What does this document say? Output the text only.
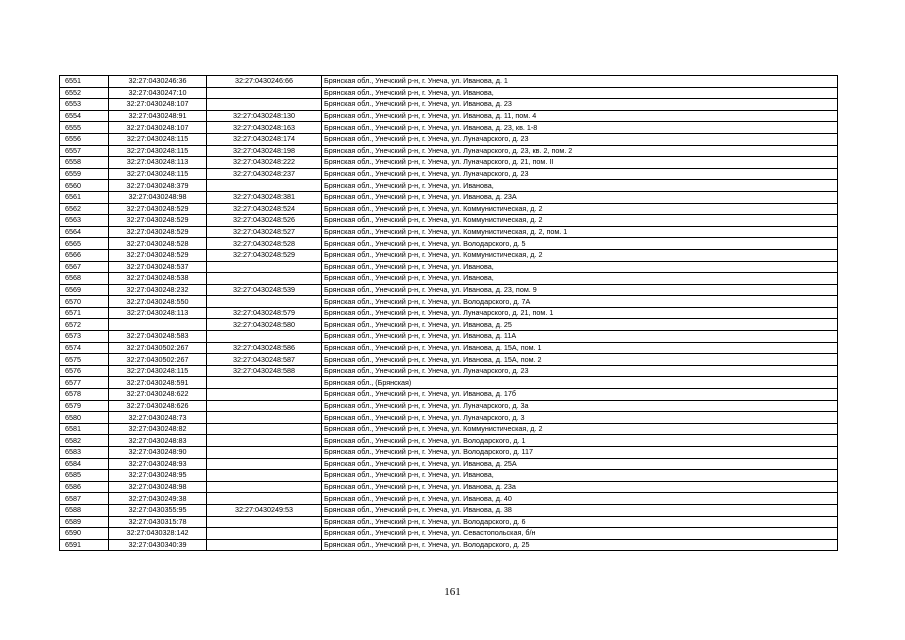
6551	32:27:0430246:36	32:27:0430246:66	Брянская обл., Унечский р-н, г. Унеча, ул. Иванова, д. 1
6552	32:27:0430247:10		Брянская обл., Унечский р-н, г. Унеча, ул. Иванова,
6553	32:27:0430248:107		Брянская обл., Унечский р-н, г. Унеча, ул. Иванова, д. 23
6554	32:27:0430248:91	32:27:0430248:130	Брянская обл., Унечский р-н, г. Унеча, ул. Иванова, д. 11, пом. 4
6555	32:27:0430248:107	32:27:0430248:163	Брянская обл., Унечский р-н, г. Унеча, ул. Иванова, д. 23, кв. 1-8
6556	32:27:0430248:115	32:27:0430248:174	Брянская обл., Унечский р-н, г. Унеча, ул. Луначарского, д. 23
6557	32:27:0430248:115	32:27:0430248:198	Брянская обл., Унечский р-н, г. Унеча, ул. Луначарского, д. 23, кв. 2, пом. 2
6558	32:27:0430248:113	32:27:0430248:222	Брянская обл., Унечский р-н, г. Унеча, ул. Луначарского, д. 21, пом. II
6559	32:27:0430248:115	32:27:0430248:237	Брянская обл., Унечский р-н, г. Унеча, ул. Луначарского, д. 23
6560	32:27:0430248:379		Брянская обл., Унечский р-н, г. Унеча, ул. Иванова,
6561	32:27:0430248:98	32:27:0430248:381	Брянская обл., Унечский р-н, г. Унеча, ул. Иванова, д. 23А
6562	32:27:0430248:529	32:27:0430248:524	Брянская обл., Унечский р-н, г. Унеча, ул. Коммунистическая, д. 2
6563	32:27:0430248:529	32:27:0430248:526	Брянская обл., Унечский р-н, г. Унеча, ул. Коммунистическая, д. 2
6564	32:27:0430248:529	32:27:0430248:527	Брянская обл., Унечский р-н, г. Унеча, ул. Коммунистическая, д. 2, пом. 1
6565	32:27:0430248:528	32:27:0430248:528	Брянская обл., Унечский р-н, г. Унеча, ул. Володарского, д. 5
6566	32:27:0430248:529	32:27:0430248:529	Брянская обл., Унечский р-н, г. Унеча, ул. Коммунистическая, д. 2
6567	32:27:0430248:537		Брянская обл., Унечский р-н, г. Унеча, ул. Иванова,
6568	32:27:0430248:538		Брянская обл., Унечский р-н, г. Унеча, ул. Иванова,
6569	32:27:0430248:232	32:27:0430248:539	Брянская обл., Унечский р-н, г. Унеча, ул. Иванова, д. 23, пом. 9
6570	32:27:0430248:550		Брянская обл., Унечский р-н, г. Унеча, ул. Володарского, д. 7А
6571	32:27:0430248:113	32:27:0430248:579	Брянская обл., Унечский р-н, г. Унеча, ул. Луначарского, д. 21, пом. 1
6572		32:27:0430248:580	Брянская обл., Унечский р-н, г. Унеча, ул. Иванова, д. 25
6573	32:27:0430248:583		Брянская обл., Унечский р-н, г. Унеча, ул. Иванова, д. 11А
6574	32:27:0430502:267	32:27:0430248:586	Брянская обл., Унечский р-н, г. Унеча, ул. Иванова, д. 15А, пом. 1
6575	32:27:0430502:267	32:27:0430248:587	Брянская обл., Унечский р-н, г. Унеча, ул. Иванова, д. 15А, пом. 2
6576	32:27:0430248:115	32:27:0430248:588	Брянская обл., Унечский р-н, г. Унеча, ул. Луначарского, д. 23
6577	32:27:0430248:591		Брянская обл., (Брянская)
6578	32:27:0430248:622		Брянская обл., Унечский р-н, г. Унеча, ул. Иванова, д. 17б
6579	32:27:0430248:626		Брянская обл., Унечский р-н, г. Унеча, ул. Луначарского, д. 3а
6580	32:27:0430248:73		Брянская обл., Унечский р-н, г. Унеча, ул. Луначарского, д. 3
6581	32:27:0430248:82		Брянская обл., Унечский р-н, г. Унеча, ул. Коммунистическая, д. 2
6582	32:27:0430248:83		Брянская обл., Унечский р-н, г. Унеча, ул. Володарского, д. 1
6583	32:27:0430248:90		Брянская обл., Унечский р-н, г. Унеча, ул. Володарского, д. 117
6584	32:27:0430248:93		Брянская обл., Унечский р-н, г. Унеча, ул. Иванова, д. 25А
6585	32:27:0430248:95		Брянская обл., Унечский р-н, г. Унеча, ул. Иванова,
6586	32:27:0430248:98		Брянская обл., Унечский р-н, г. Унеча, ул. Иванова, д. 23а
6587	32:27:0430249:38		Брянская обл., Унечский р-н, г. Унеча, ул. Иванова, д. 40
6588	32:27:0430355:95	32:27:0430249:53	Брянская обл., Унечский р-н, г. Унеча, ул. Иванова, д. 38
6589	32:27:0430315:78		Брянская обл., Унечский р-н, г. Унеча, ул. Володарского, д. 6
6590	32:27:0430328:142		Брянская обл., Унечский р-н, г. Унеча, ул. Севастопольская, б/н
6591	32:27:0430340:39		Брянская обл., Унечский р-н, г. Унеча, ул. Володарского, д. 25
161
